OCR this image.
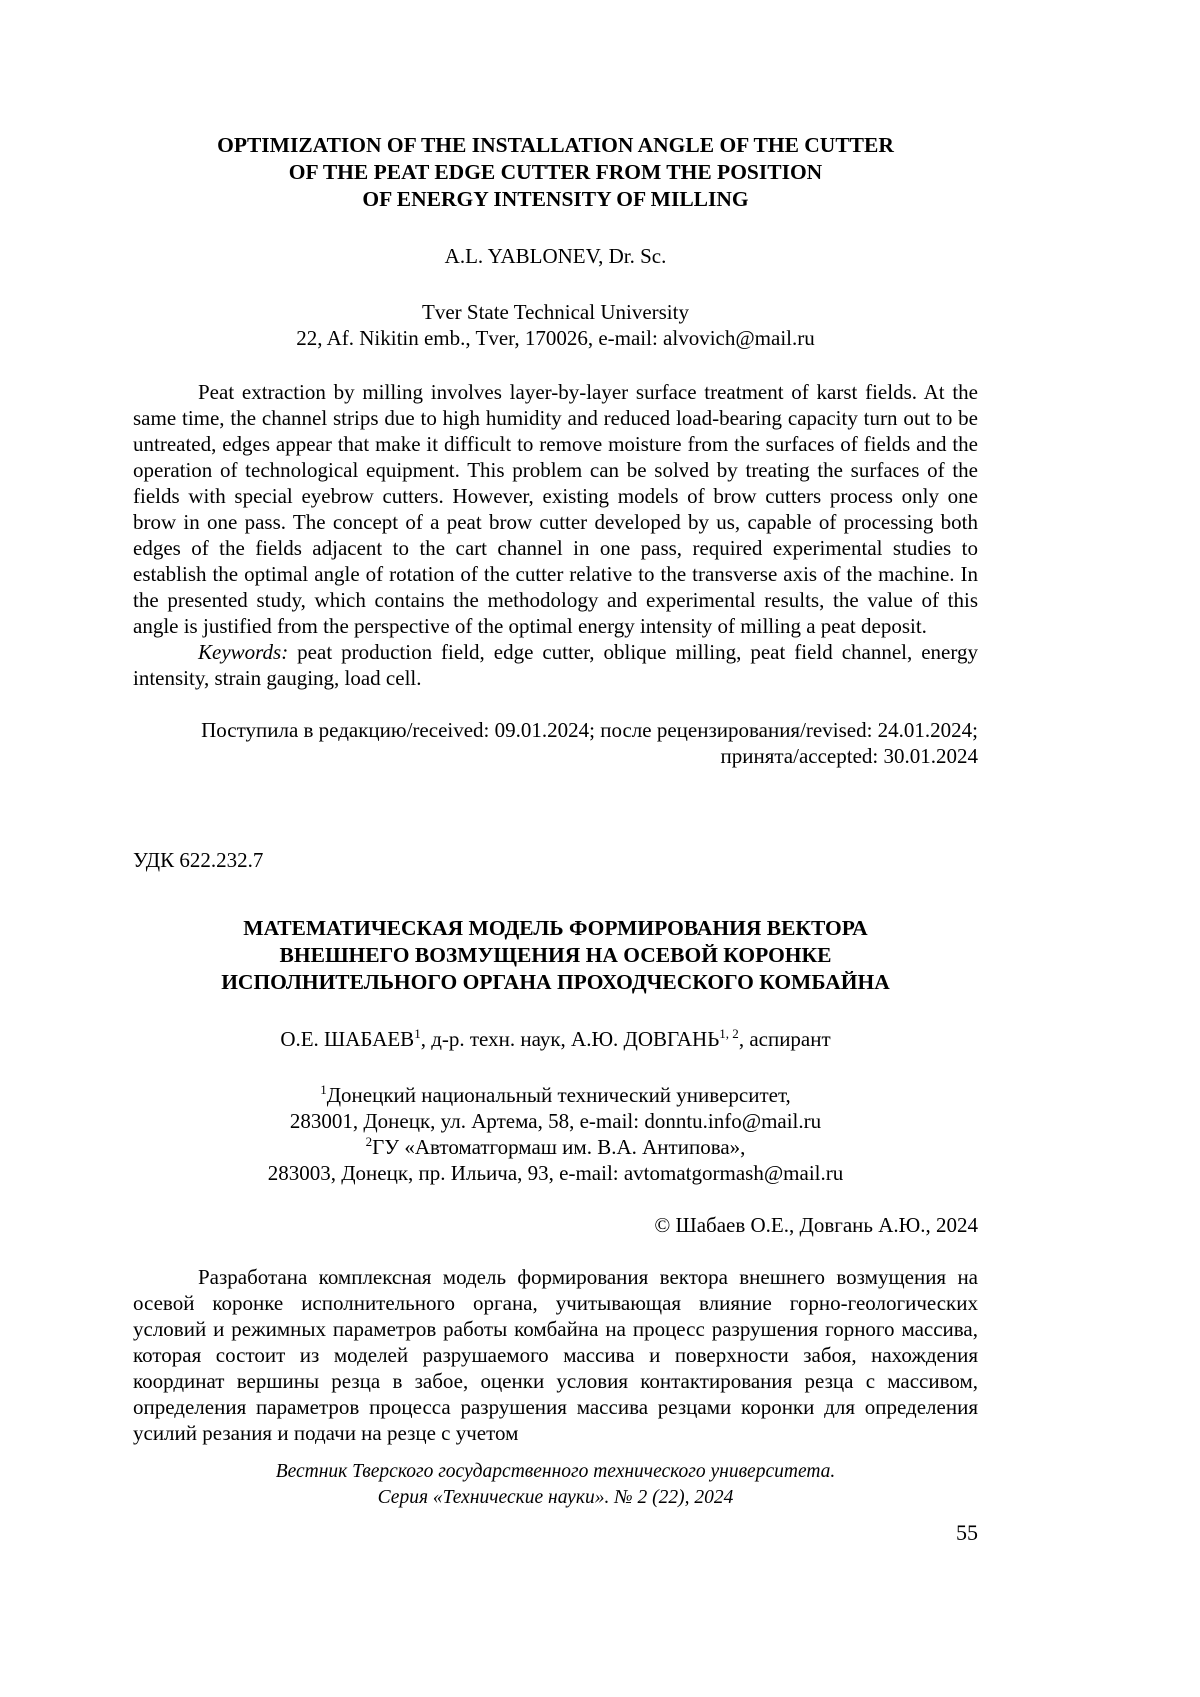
OPTIMIZATION OF THE INSTALLATION ANGLE OF THE CUTTER
OF THE PEAT EDGE CUTTER FROM THE POSITION
OF ENERGY INTENSITY OF MILLING

A.L. YABLONEV, Dr. Sc.

Tver State Technical University
22, Af. Nikitin emb., Tver, 170026, e-mail: alvovich@mail.ru

Peat extraction by milling involves layer-by-layer surface treatment of karst fields. At the same time, the channel strips due to high humidity and reduced load-bearing capacity turn out to be untreated, edges appear that make it difficult to remove moisture from the surfaces of fields and the operation of technological equipment. This problem can be solved by treating the surfaces of the fields with special eyebrow cutters. However, existing models of brow cutters process only one brow in one pass. The concept of a peat brow cutter developed by us, capable of processing both edges of the fields adjacent to the cart channel in one pass, required experimental studies to establish the optimal angle of rotation of the cutter relative to the transverse axis of the machine. In the presented study, which contains the methodology and experimental results, the value of this angle is justified from the perspective of the optimal energy intensity of milling a peat deposit.

Keywords: peat production field, edge cutter, oblique milling, peat field channel, energy intensity, strain gauging, load cell.

Поступила в редакцию/received: 09.01.2024; после рецензирования/revised: 24.01.2024;
принята/accepted: 30.01.2024

УДК 622.232.7

МАТЕМАТИЧЕСКАЯ МОДЕЛЬ ФОРМИРОВАНИЯ ВЕКТОРА
ВНЕШНЕГО ВОЗМУЩЕНИЯ НА ОСЕВОЙ КОРОНКЕ
ИСПОЛНИТЕЛЬНОГО ОРГАНА ПРОХОДЧЕСКОГО КОМБАЙНА

О.Е. ШАБАЕВ$^1$, д-р. техн. наук, А.Ю. ДОВГАНЬ$^{1, 2}$, аспирант

$^1$Донецкий национальный технический университет,

283001, Донецк, ул. Артема, 58, e-mail: donntu.info@mail.ru

$^2$ГУ «Автоматгормаш им. В.А. Антипова»,

283003, Донецк, пр. Ильича, 93, e-mail: avtomatgormash@mail.ru

© Шабаев О.Е., Довгань А.Ю., 2024

Разработана комплексная модель формирования вектора внешнего возмущения на осевой коронке исполнительного органа, учитывающая влияние горно-геологических условий и режимных параметров работы комбайна на процесс разрушения горного массива, которая состоит из моделей разрушаемого массива и поверхности забоя, нахождения координат вершины резца в забое, оценки условия контактирования резца с массивом, определения параметров процесса разрушения массива резцами коронки для определения усилий резания и подачи на резце с учетом

Вестник Тверского государственного технического университета.
Серия «Технические науки». № 2 (22), 2024

55
